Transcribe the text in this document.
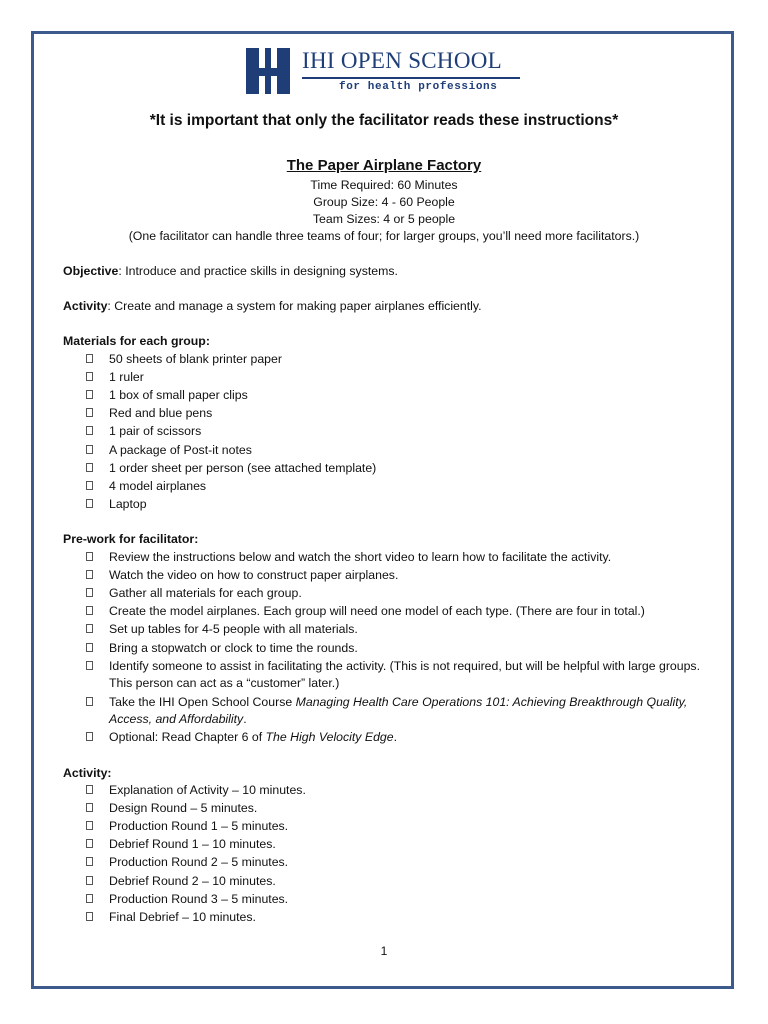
IHI OPEN SCHOOL
for health professions
*It is important that only the facilitator reads these instructions*
The Paper Airplane Factory
Time Required: 60 Minutes
Group Size: 4 - 60 People
Team Sizes: 4 or 5 people
(One facilitator can handle three teams of four; for larger groups, you’ll need more facilitators.)
Objective: Introduce and practice skills in designing systems.
Activity: Create and manage a system for making paper airplanes efficiently.
Materials for each group:
50 sheets of blank printer paper
1 ruler
1 box of small paper clips
Red and blue pens
1 pair of scissors
A package of Post-it notes
1 order sheet per person (see attached template)
4 model airplanes
Laptop
Pre-work for facilitator:
Review the instructions below and watch the short video to learn how to facilitate the activity.
Watch the video on how to construct paper airplanes.
Gather all materials for each group.
Create the model airplanes. Each group will need one model of each type. (There are four in total.)
Set up tables for 4-5 people with all materials.
Bring a stopwatch or clock to time the rounds.
Identify someone to assist in facilitating the activity. (This is not required, but will be helpful with large groups. This person can act as a “customer” later.)
Take the IHI Open School Course Managing Health Care Operations 101: Achieving Breakthrough Quality, Access, and Affordability.
Optional: Read Chapter 6 of The High Velocity Edge.
Activity:
Explanation of Activity – 10 minutes.
Design Round – 5 minutes.
Production Round 1 – 5 minutes.
Debrief Round 1 – 10 minutes.
Production Round 2 – 5 minutes.
Debrief Round 2 – 10 minutes.
Production Round 3 – 5 minutes.
Final Debrief – 10 minutes.
1
